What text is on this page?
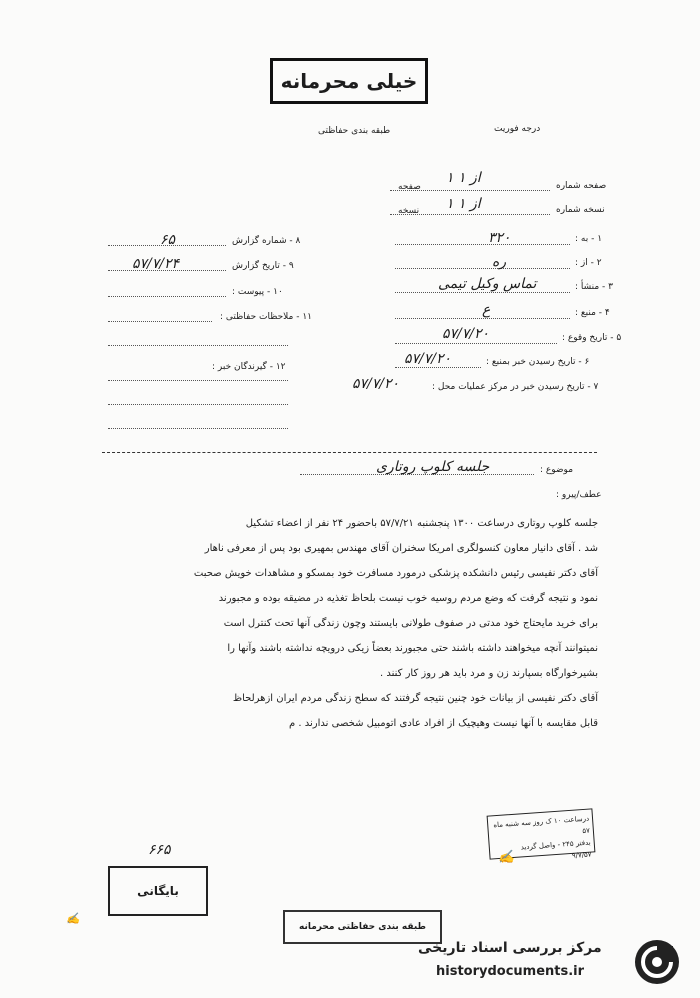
خیلی محرمانه
درجه فوریت
طبقه بندی حفاظتی
صفحه شماره
۱ از ۱
صفحه
نسخه شماره
۱ از ۱
نسخه
۱ - به :
۳۲۰
۲ - از :
ره
۳ - منشأ :
تماس وکیل تیمی
۴ - منبع :
ع
۵ - تاریخ وقوع :
۵۷/۷/۲۰
۶ - تاریخ رسیدن خبر بمنبع :
۵۷/۷/۲۰
۷ - تاریخ رسیدن خبر در مرکز عملیات محل :
۵۷/۷/۲۰
۸ - شماره گزارش
۶۵
۹ - تاریخ گزارش
۵۷/۷/۲۴
۱۰ - پیوست :
۱۱ - ملاحظات حفاظتی :
۱۲ - گیرندگان خبر :
موضوع :
جلسه کلوپ روتاری
عطف/پیرو :
جلسه کلوپ روتاری درساعت ۱۳۰۰ پنجشنبه ۵۷/۷/۲۱ باحضور ۲۴ نفر از اعضاء تشکیل
شد . آقای دانیار معاون کنسولگری امریکا سخنران آقای مهندس بمهیری بود پس از معرفی ناهار
آقای دکتر نفیسی رئیس دانشکده پزشکی درمورد مسافرت خود بمسکو و مشاهدات خویش صحبت
نمود و نتیجه گرفت که وضع مردم روسیه خوب نیست بلحاظ تغذیه در مضیقه بوده و مجبورند
برای خرید مایحتاج خود مدتی در صفوف طولانی بایستند وچون زندگی آنها تحت کنترل است
نمیتوانند آنچه میخواهند داشته باشند حتی مجبورند بعضاً زیکی درویچه نداشته باشند وآنها را
بشیرخوارگاه بسپارند زن و مرد باید هر روز کار کنند .
آقای دکتر نفیسی از بیانات خود چنین نتیجه گرفتند که سطح زندگی مردم ایران ازهرلحاظ
قابل مقایسه با آنها نیست وهیچیک از افراد عادی اتومبیل شخصی ندارند . م
درساعت ۱۰ ک روز سه شنبه ماه ۵۷
بدفتر ۲۴۵ - واصل گردید
۹/۷/۵۷
✍
۶۶۵
بایگانی
✍
طبقه بندی حفاظتی محرمانه
مرکز بررسی اسناد تاریخی
historydocuments.ir
